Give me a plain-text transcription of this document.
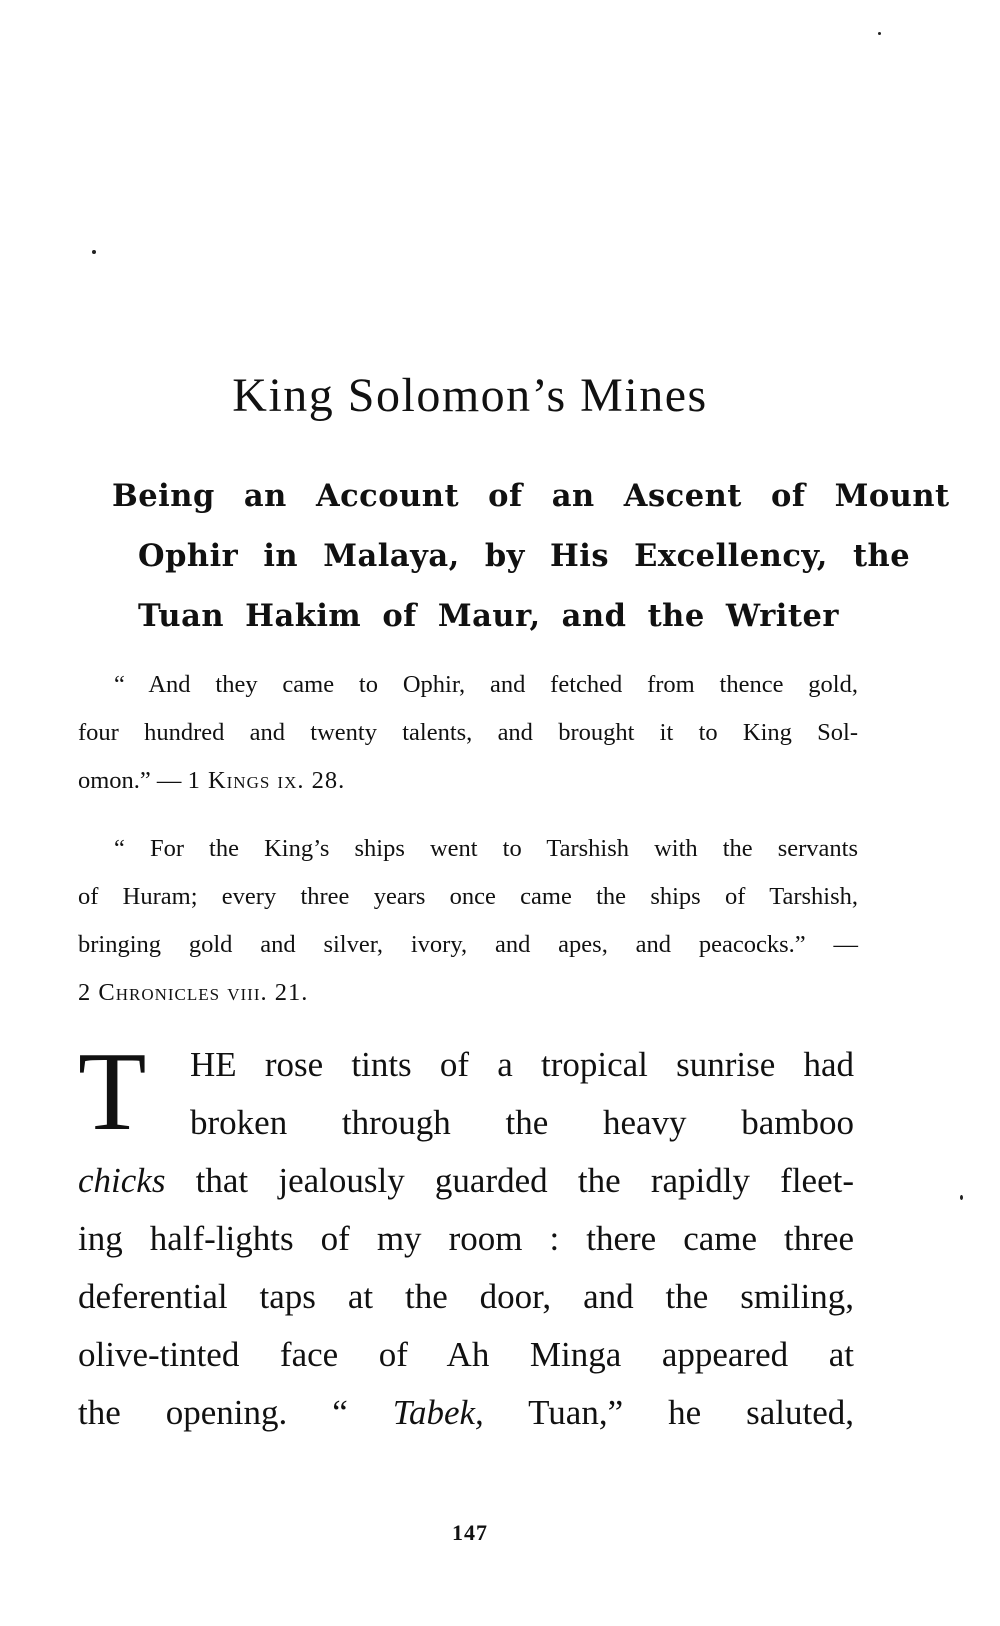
King Solomon’s Mines
Being an Account of an Ascent of Mount
Ophir in Malaya, by His Excellency, the
Tuan Hakim of Maur, and the Writer
“ And they came to Ophir, and fetched from thence gold,
four hundred and twenty talents, and brought it to King Sol-
omon.” — 1 Kings ix. 28.
“ For the King’s ships went to Tarshish with the servants
of Huram; every three years once came the ships of Tarshish,
bringing gold and silver, ivory, and apes, and peacocks.” —
2 Chronicles viii. 21.
T	HE rose tints of a tropical sunrise had
broken through the heavy bamboo
chicks that jealously guarded the rapidly fleet-
ing half-lights of my room : there came three
deferential taps at the door, and the smiling,
olive-tinted face of Ah Minga appeared at
the opening. “ Tabek, Tuan,” he saluted,
147
